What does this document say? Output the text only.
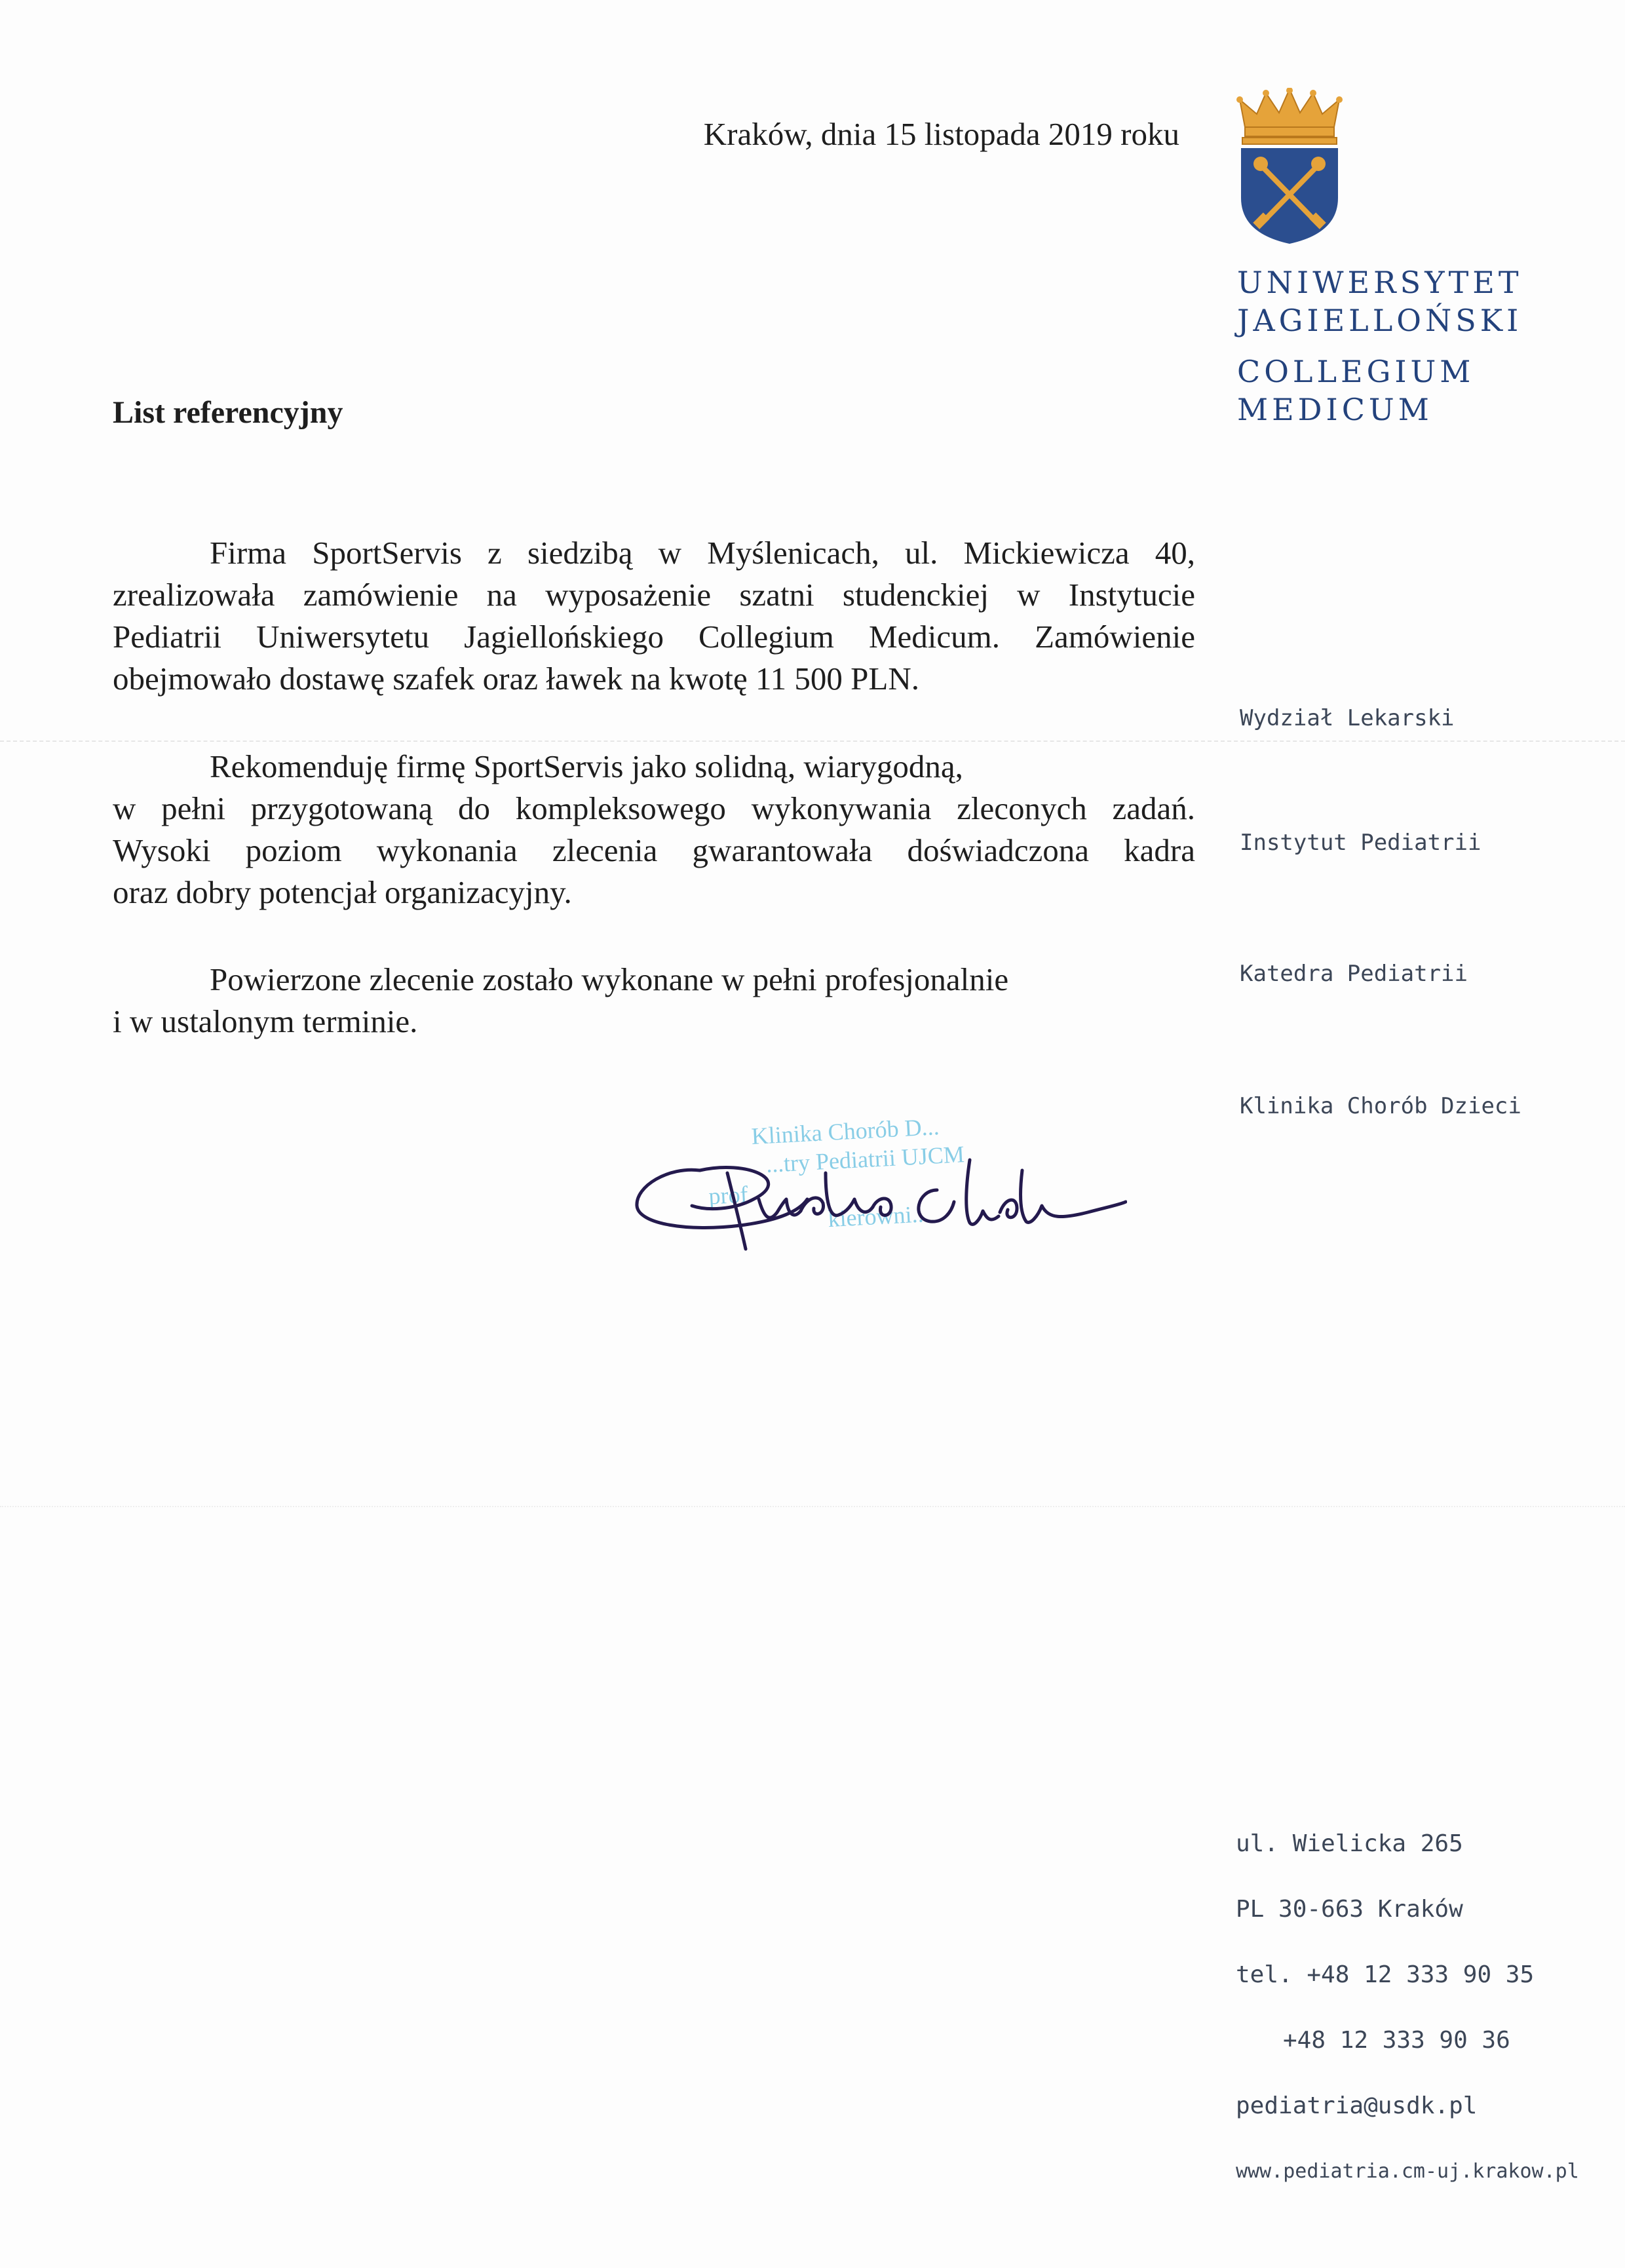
Kraków, dnia 15 listopada 2019 roku
UNIWERSYTET
JAGIELLOŃSKI
COLLEGIUM
MEDICUM
List referencyjny
Firma SportServis z siedzibą w Myślenicach, ul. Mickiewicza 40,
zrealizowała zamówienie na wyposażenie szatni studenckiej w Instytucie
Pediatrii Uniwersytetu Jagiellońskiego Collegium Medicum. Zamówienie
obejmowało dostawę szafek oraz ławek na kwotę 11 500 PLN.
Rekomenduję firmę SportServis jako solidną, wiarygodną,
w pełni przygotowaną do kompleksowego wykonywania zleconych zadań.
Wysoki poziom wykonania zlecenia gwarantowała doświadczona kadra
oraz dobry potencjał organizacyjny.
Powierzone zlecenie zostało wykonane w pełni profesjonalnie
i w ustalonym terminie.
Klinika Chorób D...
...try Pediatrii UJCM
prof.
kierowni...
Wydział Lekarski
Instytut Pediatrii
Katedra Pediatrii
Klinika Chorób Dzieci
ul. Wielicka 265
PL 30-663 Kraków
tel. +48 12 333 90 35
+48 12 333 90 36
pediatria@usdk.pl
www.pediatria.cm-uj.krakow.pl
